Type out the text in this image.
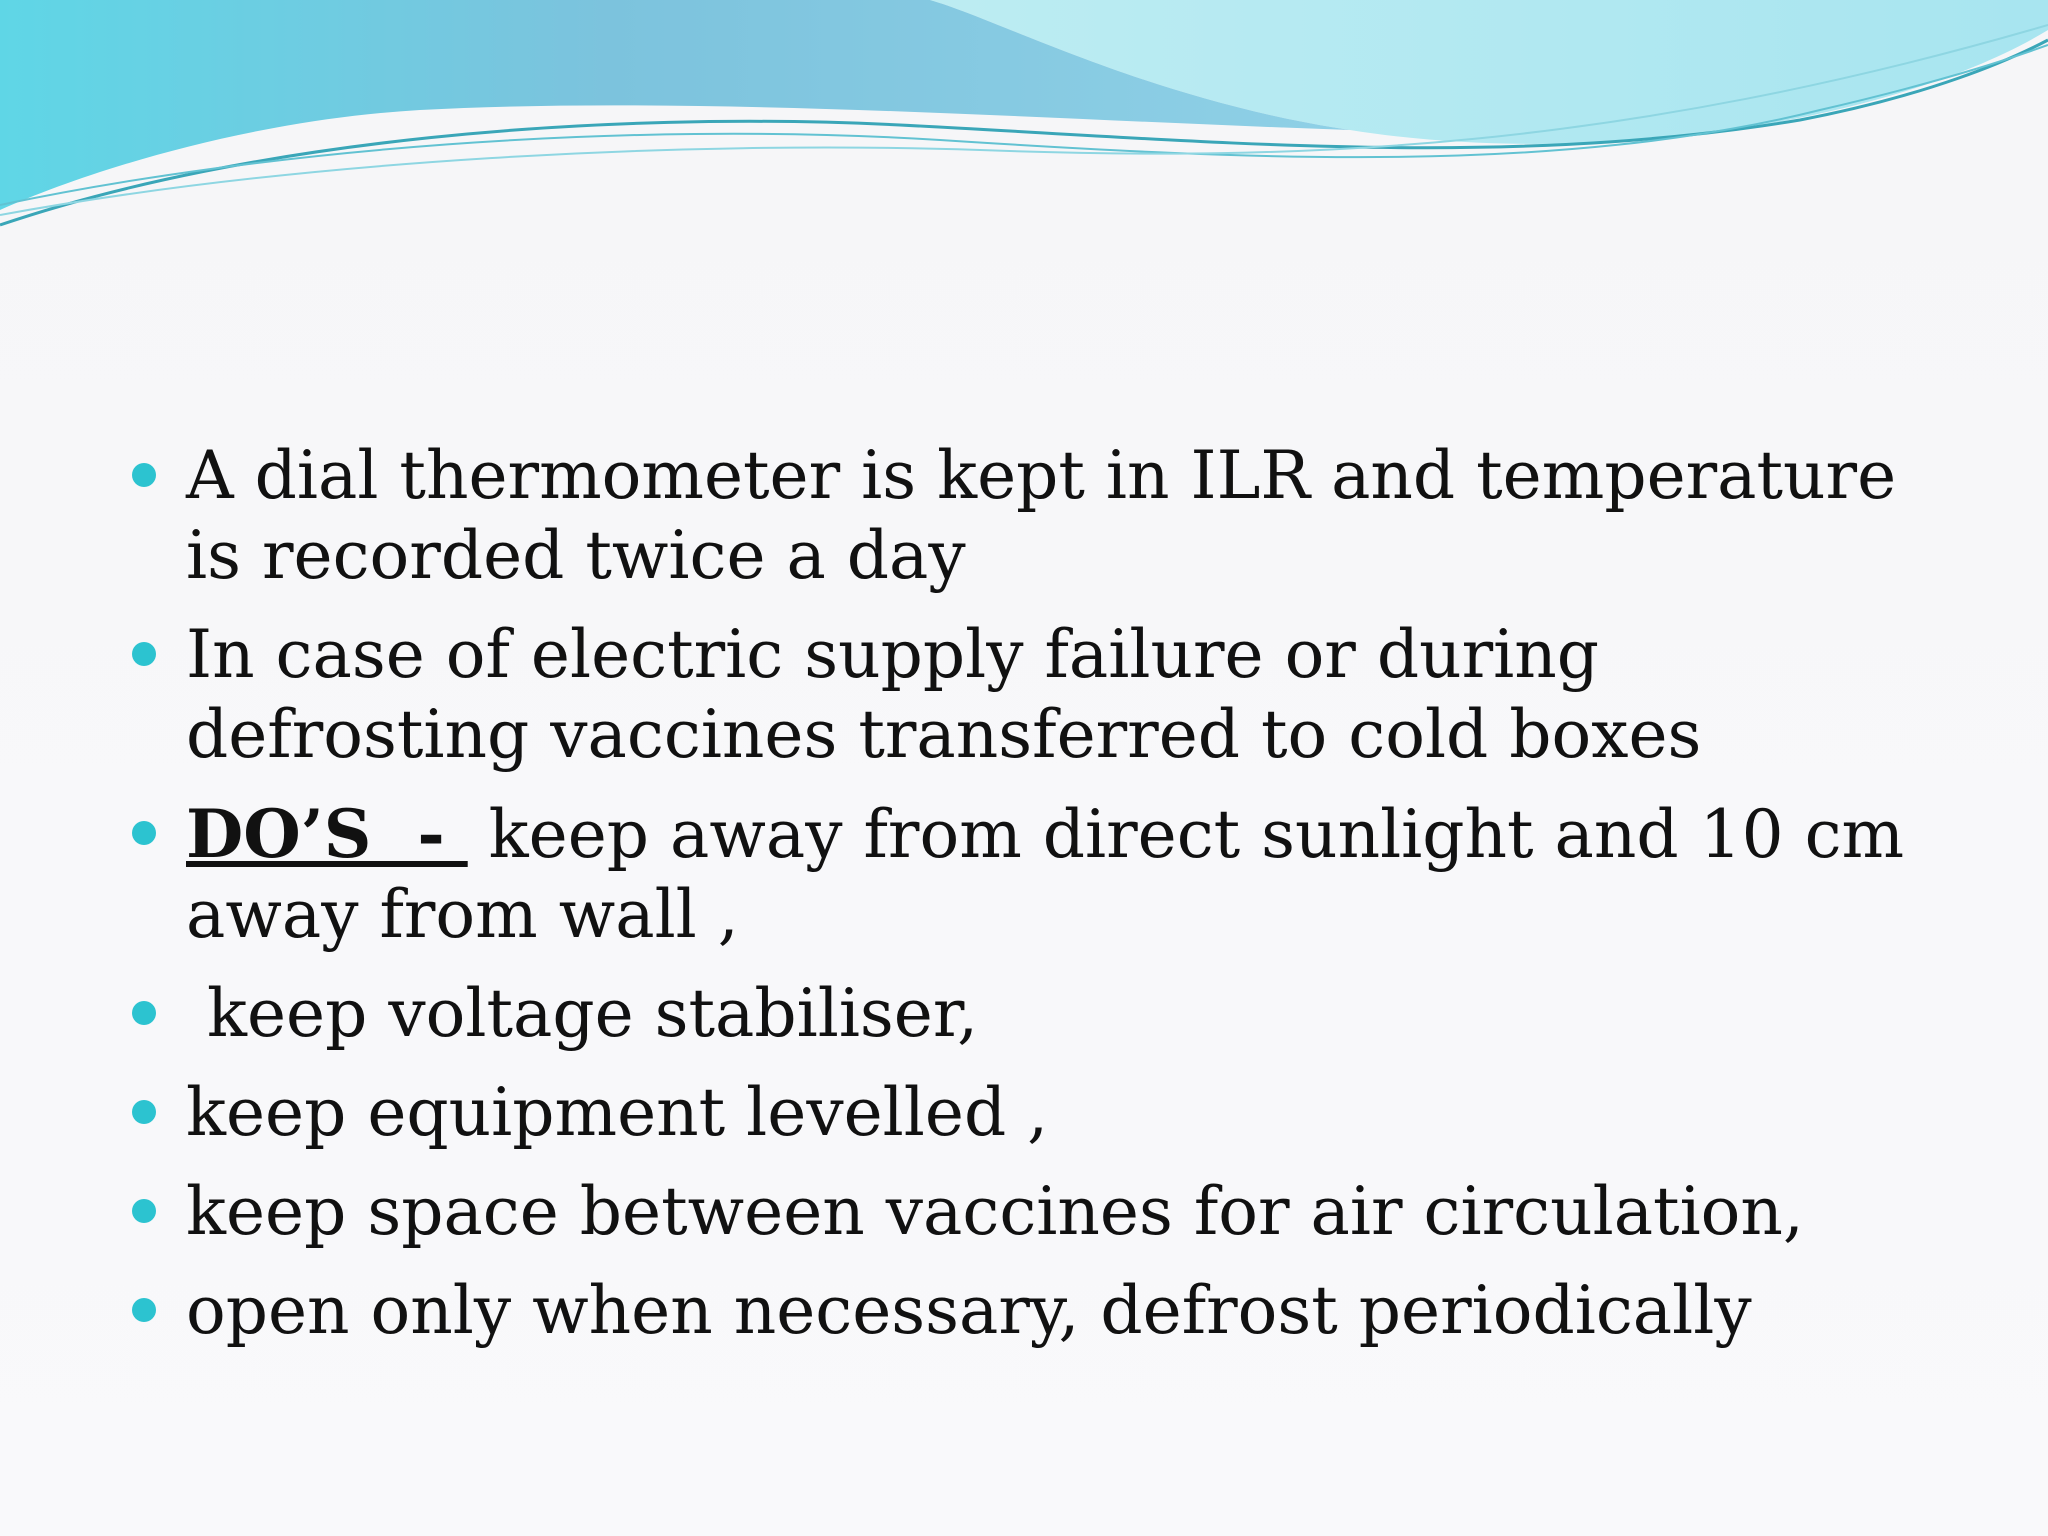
A dial thermometer is kept in ILR and temperature is recorded twice a day
In case of electric supply failure or during defrosting vaccines transferred to cold boxes
DO’S  -  keep away from direct sunlight and 10 cm away from wall ,
keep voltage stabiliser,
keep equipment levelled ,
keep space between vaccines for air circulation,
open only when necessary, defrost periodically
